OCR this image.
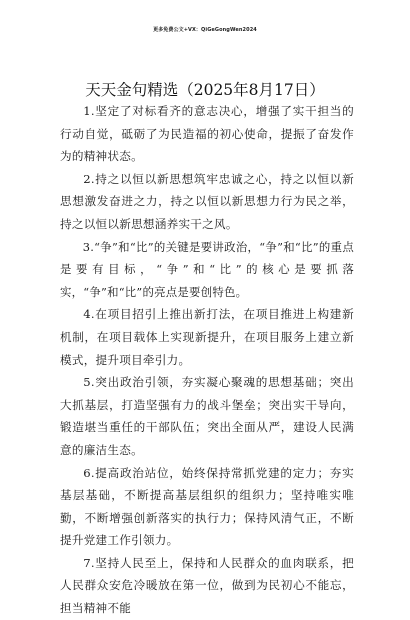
更多免费公文+VX：QiGeGongWen2024
天天金句精选（2025年8月17日）

1.坚定了对标看齐的意志决心，增强了实干担当的行动自觉，砥砺了为民造福的初心使命，提振了奋发作为的精神状态。

2.持之以恒以新思想筑牢忠诚之心，持之以恒以新思想激发奋进之力，持之以恒以新思想力行为民之举，持之以恒以新思想涵养实干之风。

3.“争”和“比”的关键是要讲政治，“争”和“比”的重点是要有目标，“争”和“比”的核心是要抓落实，“争”和“比”的亮点是要创特色。

4.在项目招引上推出新打法，在项目推进上构建新机制，在项目载体上实现新提升，在项目服务上建立新模式，提升项目牵引力。

5.突出政治引领，夯实凝心聚魂的思想基础；突出大抓基层，打造坚强有力的战斗堡垒；突出实干导向，锻造堪当重任的干部队伍；突出全面从严，建设人民满意的廉洁生态。

6.提高政治站位，始终保持常抓党建的定力；夯实基层基础，不断提高基层组织的组织力；坚持唯实唯勤，不断增强创新落实的执行力；保持风清气正，不断提升党建工作引领力。

7.坚持人民至上，保持和人民群众的血肉联系，把人民群众安危冷暖放在第一位，做到为民初心不能忘，担当精神不能
